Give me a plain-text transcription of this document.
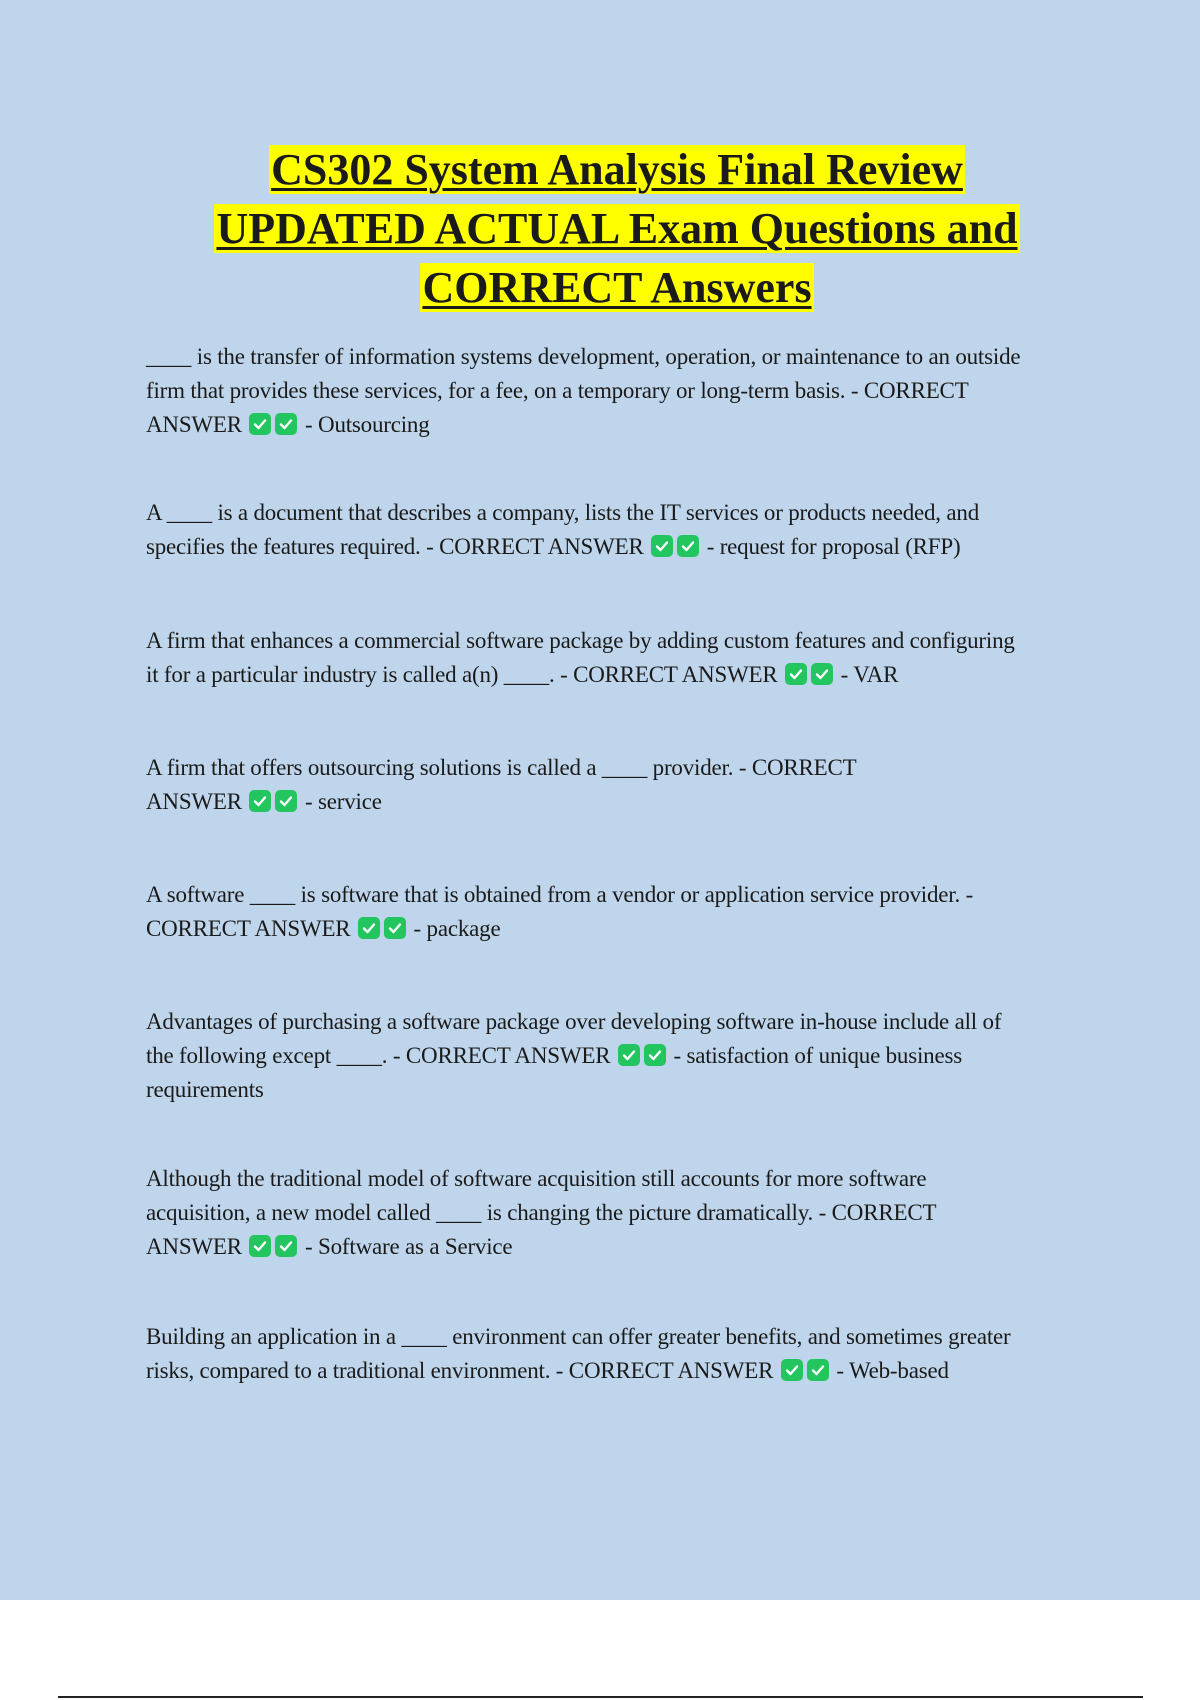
CS302 System Analysis Final Review
UPDATED ACTUAL Exam Questions and
CORRECT Answers
____ is the transfer of information systems development, operation, or maintenance to an outside
firm that provides these services, for a fee, on a temporary or long-term basis. - CORRECT
ANSWER
- Outsourcing
A ____ is a document that describes a company, lists the IT services or products needed, and
specifies the features required. - CORRECT ANSWER
- request for proposal (RFP)
A firm that enhances a commercial software package by adding custom features and configuring
it for a particular industry is called a(n) ____. - CORRECT ANSWER
- VAR
A firm that offers outsourcing solutions is called a ____ provider. - CORRECT
ANSWER
- service
A software ____ is software that is obtained from a vendor or application service provider. -
CORRECT ANSWER
- package
Advantages of purchasing a software package over developing software in-house include all of
the following except ____. - CORRECT ANSWER
- satisfaction of unique business
requirements
Although the traditional model of software acquisition still accounts for more software
acquisition, a new model called ____ is changing the picture dramatically. - CORRECT
ANSWER
- Software as a Service
Building an application in a ____ environment can offer greater benefits, and sometimes greater
risks, compared to a traditional environment. - CORRECT ANSWER
- Web-based
